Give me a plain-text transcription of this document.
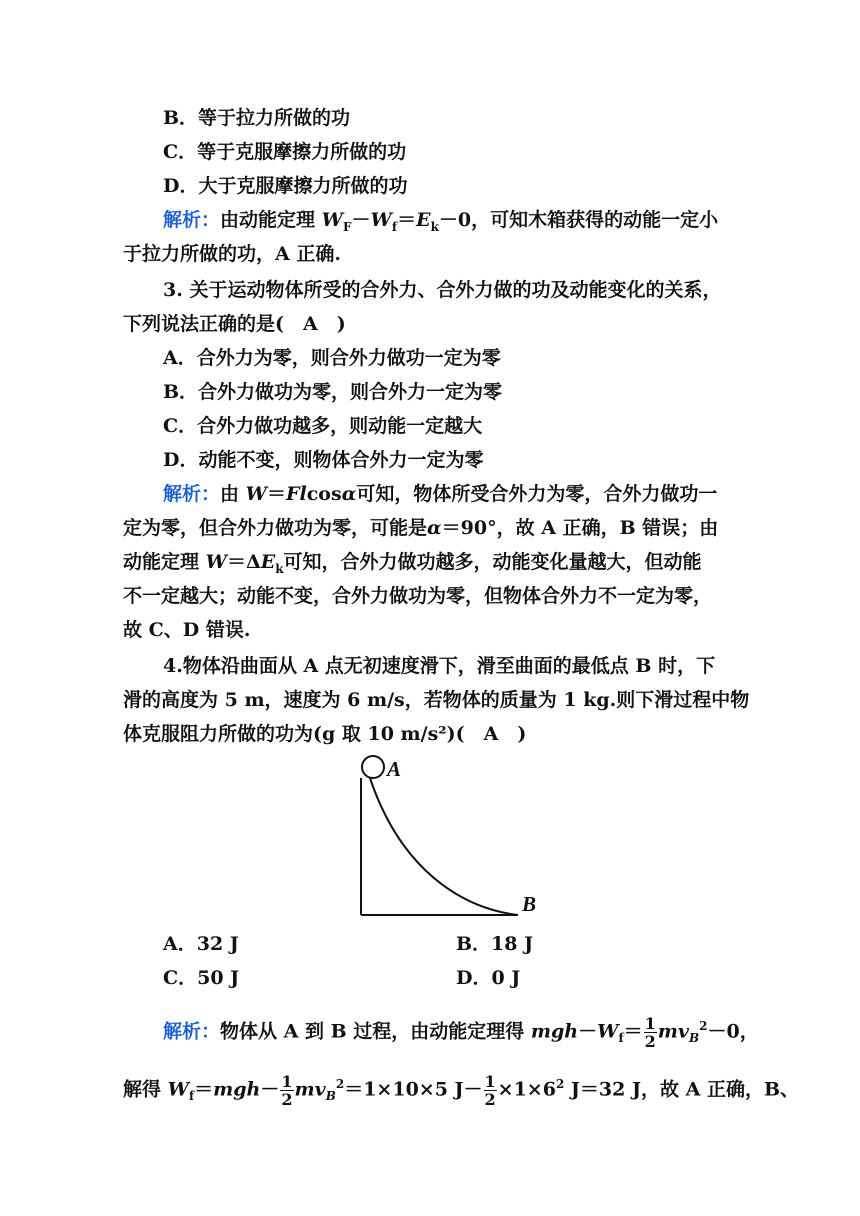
B．等于拉力所做的功
C．等于克服摩擦力所做的功
D．大于克服摩擦力所做的功
解析：由动能定理 $W_F-W_f=E_k-0$，可知木箱获得的动能一定小
于拉力所做的功，A 正确.
3. 关于运动物体所受的合外力、合外力做的功及动能变化的关系，
下列说法正确的是(　A　)
A．合外力为零，则合外力做功一定为零
B．合外力做功为零，则合外力一定为零
C．合外力做功越多，则动能一定越大
D．动能不变，则物体合外力一定为零
解析：由 W＝Flcosα可知，物体所受合外力为零，合外力做功一
定为零，但合外力做功为零，可能是α＝90°，故 A 正确，B 错误；由
动能定理 $W=\Delta E_k$可知，合外力做功越多，动能变化量越大，但动能
不一定越大；动能不变，合外力做功为零，但物体合外力不一定为零，
故 C、D 错误.
4.物体沿曲面从 A 点无初速度滑下，滑至曲面的最低点 B 时，下
滑的高度为 5 m，速度为 6 m/s，若物体的质量为 1 kg.则下滑过程中物
体克服阻力所做的功为(g 取 10 m/s²)(　A　)
A
B
A．32 J	B．18 J
C．50 J	D．0 J
解析：物体从 A 到 B 过程，由动能定理得 $mgh-W_f= \frac{1}{2} mv_B^2-0$，
解得 $W_f=mgh- \frac{1}{2} mv_B^2=1\times 10\times 5$ $J- \frac{1}{2} \times 1\times 6^2$ J＝32 J，故 A 正确，B、
